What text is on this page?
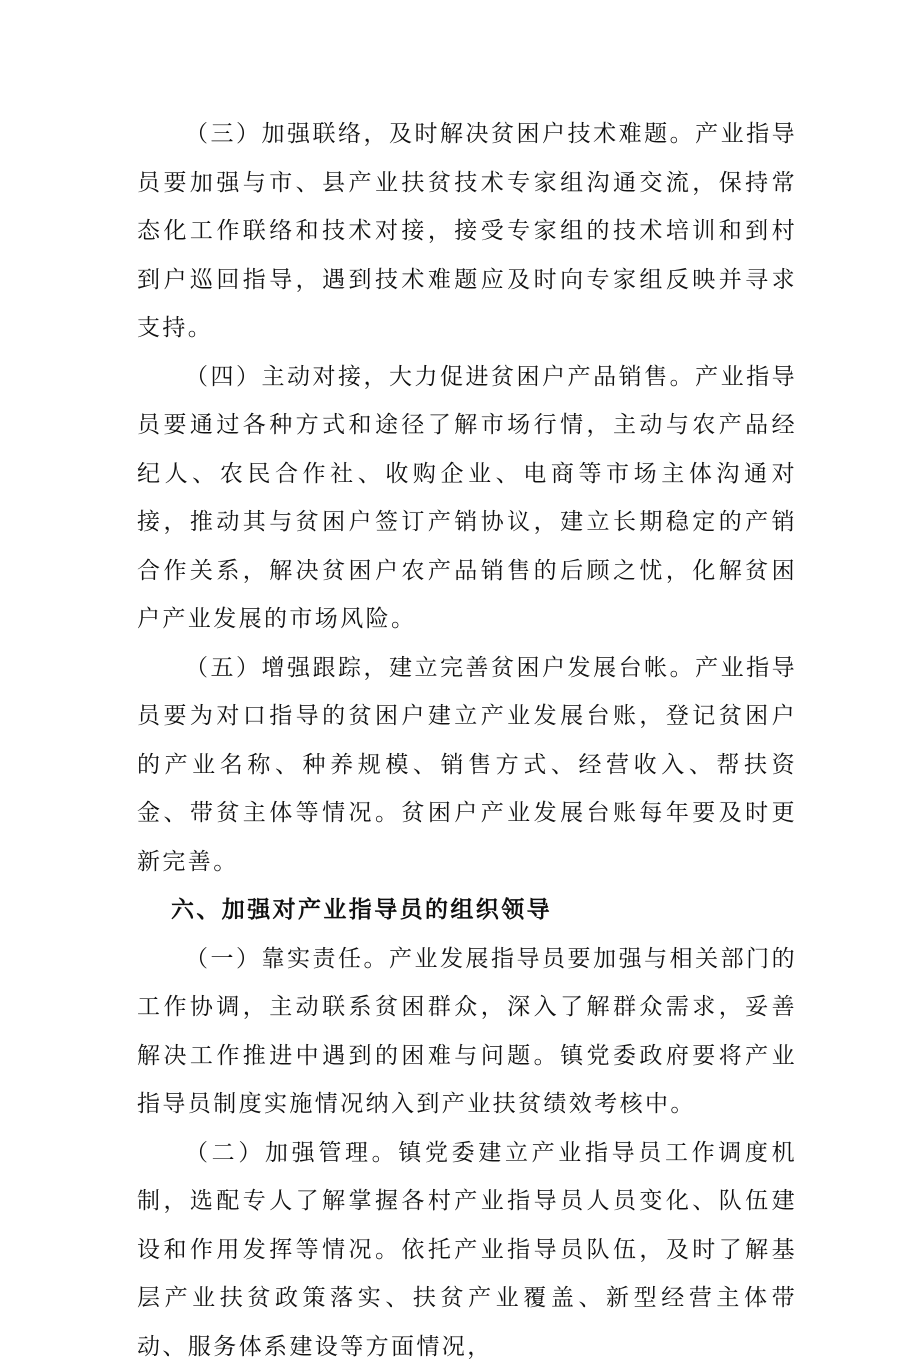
（三）加强联络，及时解决贫困户技术难题。产业指导员要加强与市、县产业扶贫技术专家组沟通交流，保持常态化工作联络和技术对接，接受专家组的技术培训和到村到户巡回指导，遇到技术难题应及时向专家组反映并寻求支持。

（四）主动对接，大力促进贫困户产品销售。产业指导员要通过各种方式和途径了解市场行情，主动与农产品经纪人、农民合作社、收购企业、电商等市场主体沟通对接，推动其与贫困户签订产销协议，建立长期稳定的产销合作关系，解决贫困户农产品销售的后顾之忧，化解贫困户产业发展的市场风险。

（五）增强跟踪，建立完善贫困户发展台帐。产业指导员要为对口指导的贫困户建立产业发展台账，登记贫困户的产业名称、种养规模、销售方式、经营收入、帮扶资金、带贫主体等情况。贫困户产业发展台账每年要及时更新完善。

六、加强对产业指导员的组织领导

（一）靠实责任。产业发展指导员要加强与相关部门的工作协调，主动联系贫困群众，深入了解群众需求，妥善解决工作推进中遇到的困难与问题。镇党委政府要将产业指导员制度实施情况纳入到产业扶贫绩效考核中。

（二）加强管理。镇党委建立产业指导员工作调度机制，选配专人了解掌握各村产业指导员人员变化、队伍建设和作用发挥等情况。依托产业指导员队伍，及时了解基层产业扶贫政策落实、扶贫产业覆盖、新型经营主体带动、服务体系建设等方面情况，
